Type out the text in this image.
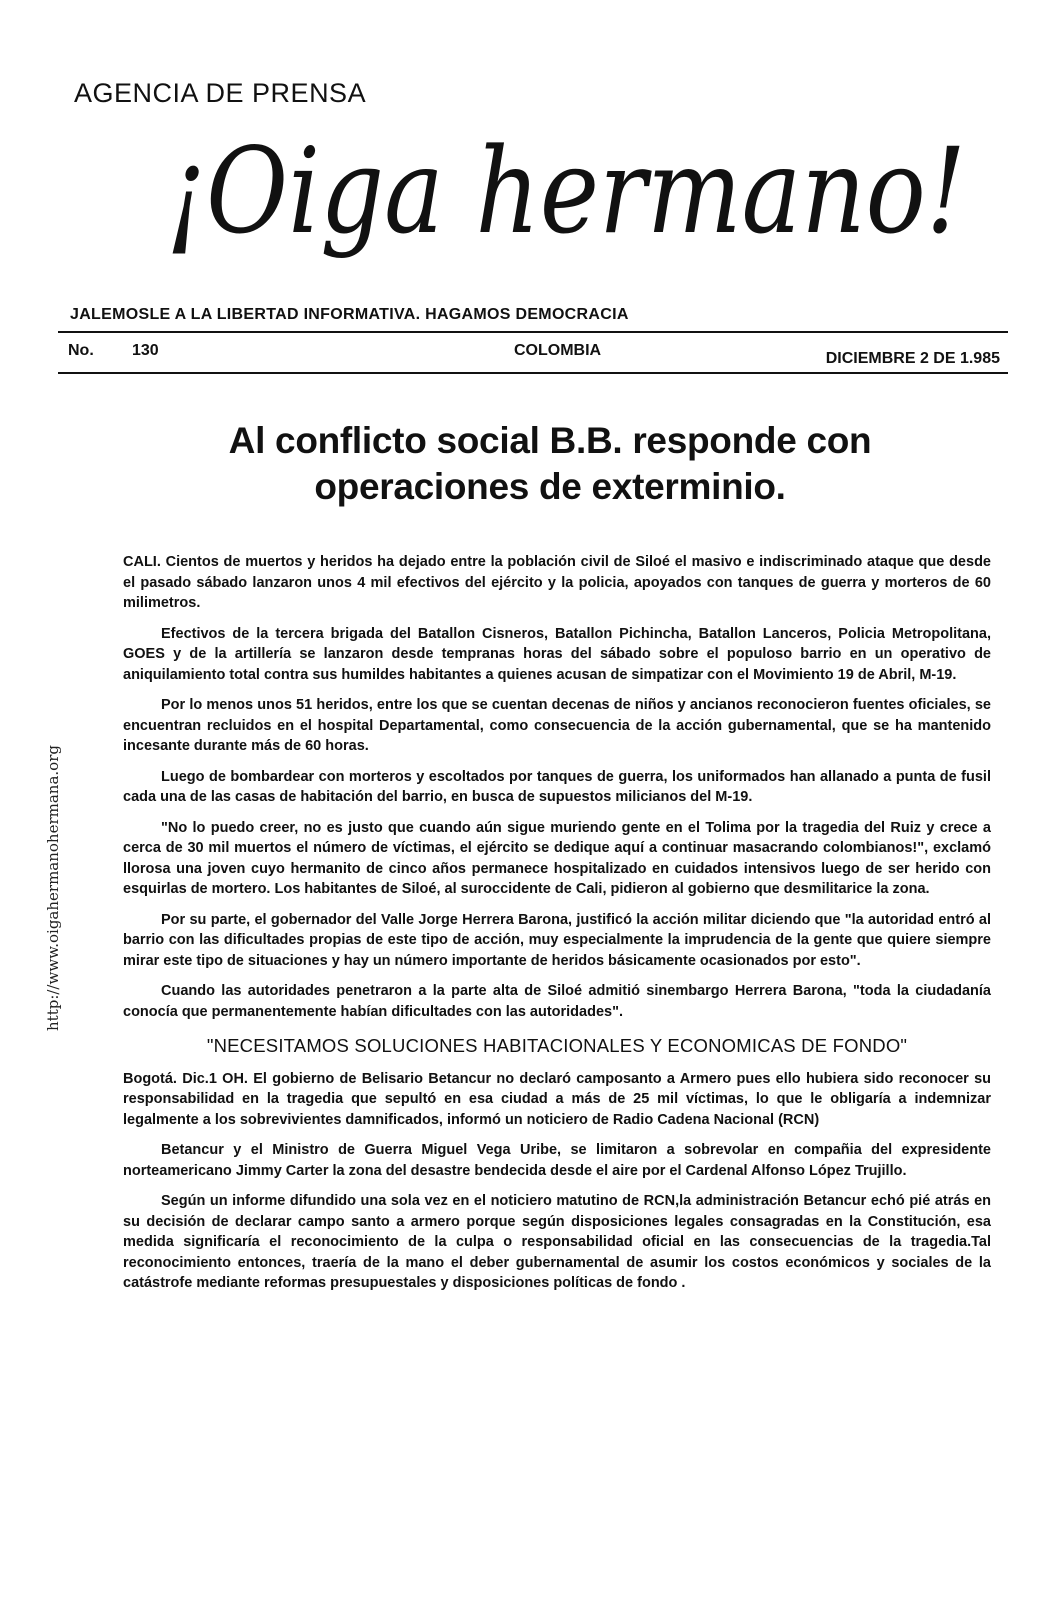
AGENCIA DE PRENSA
¡Oiga hermano!
JALEMOSLE A LA LIBERTAD INFORMATIVA. HAGAMOS DEMOCRACIA
No. 130	COLOMBIA	DICIEMBRE 2 DE 1.985
http://www.oigahermanohermana.org
Al conflicto social B.B. responde con operaciones de exterminio.

CALI. Cientos de muertos y heridos ha dejado entre la población civil de Siloé el masivo e indiscriminado ataque que desde el pasado sábado lanzaron unos 4 mil efectivos del ejército y la policia, apoyados con tanques de guerra y morteros de 60 milimetros.

Efectivos de la tercera brigada del Batallon Cisneros, Batallon Pichincha, Batallon Lanceros, Policia Metropolitana, GOES y de la artillería se lanzaron desde tempranas horas del sábado sobre el populoso barrio en un operativo de aniquilamiento total contra sus humildes habitantes a quienes acusan de simpatizar con el Movimiento 19 de Abril, M-19.

Por lo menos unos 51 heridos, entre los que se cuentan decenas de niños y ancianos reconocieron fuentes oficiales, se encuentran recluidos en el hospital Departamental, como consecuencia de la acción gubernamental, que se ha mantenido incesante durante más de 60 horas.

Luego de bombardear con morteros y escoltados por tanques de guerra, los uniformados han allanado a punta de fusil cada una de las casas de habitación del barrio, en busca de supuestos milicianos del M-19.

"No lo puedo creer, no es justo que cuando aún sigue muriendo gente en el Tolima por la tragedia del Ruiz y crece a cerca de 30 mil muertos el número de víctimas, el ejército se dedique aquí a continuar masacrando colombianos!", exclamó llorosa una joven cuyo hermanito de cinco años permanece hospitalizado en cuidados intensivos luego de ser herido con esquirlas de mortero. Los habitantes de Siloé, al suroccidente de Cali, pidieron al gobierno que desmilitarice la zona.

Por su parte, el gobernador del Valle Jorge Herrera Barona, justificó la acción militar diciendo que "la autoridad entró al barrio con las dificultades propias de este tipo de acción, muy especialmente la imprudencia de la gente que quiere siempre mirar este tipo de situaciones y hay un número importante de heridos básicamente ocasionados por esto".

Cuando las autoridades penetraron a la parte alta de Siloé admitió sinembargo Herrera Barona, "toda la ciudadanía conocía que permanentemente habían dificultades con las autoridades".

"NECESITAMOS SOLUCIONES HABITACIONALES Y ECONOMICAS DE FONDO"

Bogotá. Dic.1 OH. El gobierno de Belisario Betancur no declaró camposanto a Armero pues ello hubiera sido reconocer su responsabilidad en la tragedia que sepultó en esa ciudad a más de 25 mil víctimas, lo que le obligaría a indemnizar legalmente a los sobrevivientes damnificados, informó un noticiero de Radio Cadena Nacional (RCN)

Betancur y el Ministro de Guerra Miguel Vega Uribe, se limitaron a sobrevolar en compañia del expresidente norteamericano Jimmy Carter la zona del desastre bendecida desde el aire por el Cardenal Alfonso López Trujillo.

Según un informe difundido una sola vez en el noticiero matutino de RCN,la administración Betancur echó pié atrás en su decisión de declarar campo santo a armero porque según disposiciones legales consagradas en la Constitución, esa medida significaría el reconocimiento de la culpa o responsabilidad oficial en las consecuencias de la tragedia.Tal reconocimiento entonces, traería de la mano el deber gubernamental de asumir los costos económicos y sociales de la catástrofe mediante reformas presupuestales y disposiciones políticas de fondo .
